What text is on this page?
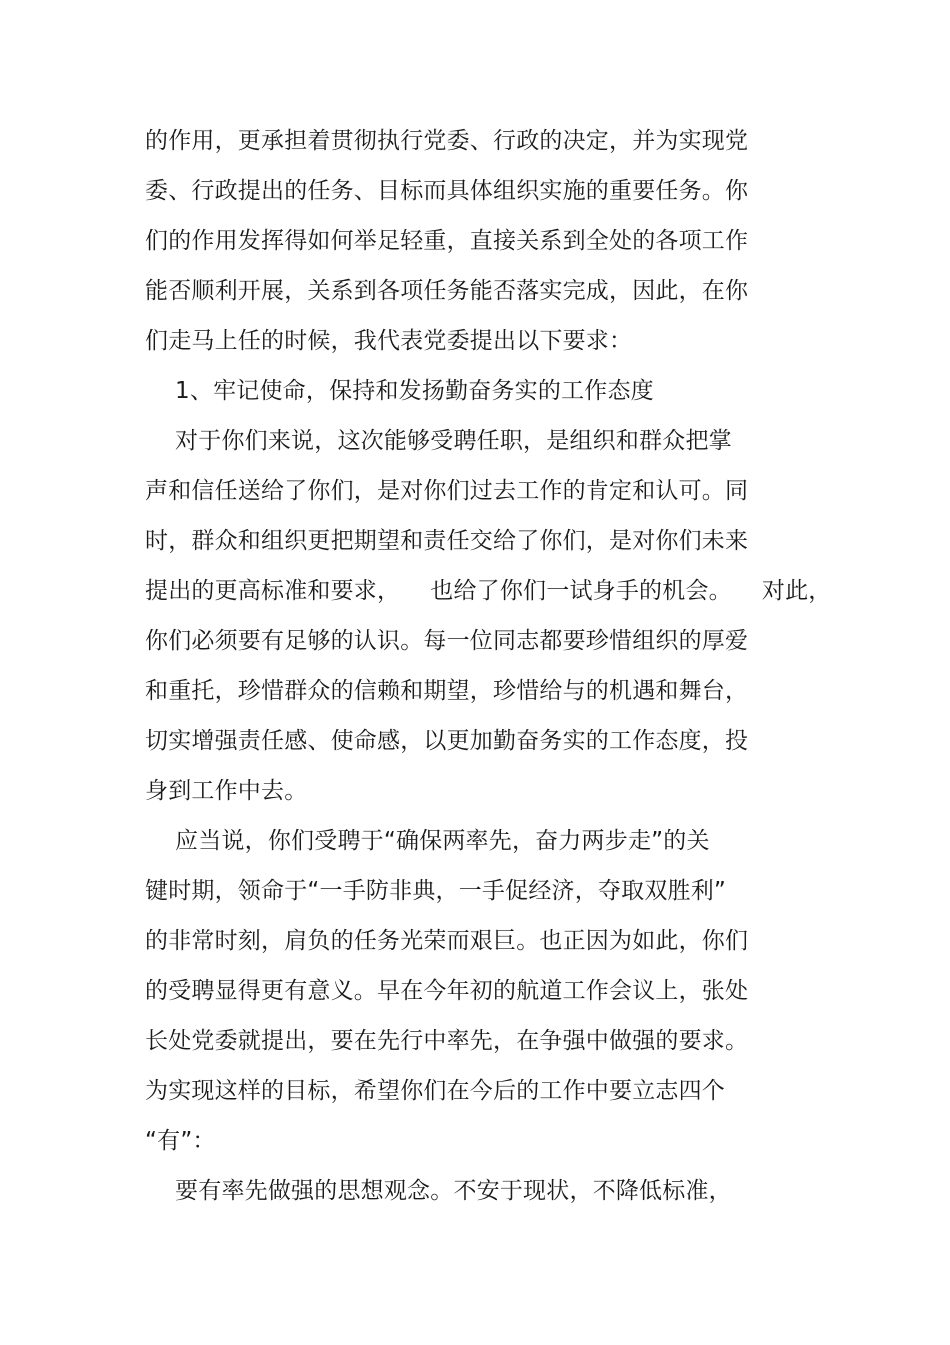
的作用，更承担着贯彻执行党委、行政的决定，并为实现党
委、行政提出的任务、目标而具体组织实施的重要任务。你
们的作用发挥得如何举足轻重，直接关系到全处的各项工作
能否顺利开展，关系到各项任务能否落实完成，因此，在你
们走马上任的时候，我代表党委提出以下要求：
1、牢记使命，保持和发扬勤奋务实的工作态度
对于你们来说，这次能够受聘任职，是组织和群众把掌
声和信任送给了你们，是对你们过去工作的肯定和认可。同
时，群众和组织更把期望和责任交给了你们，是对你们未来
提出的更高标准和要求，    也给了你们一试身手的机会。    对此，
你们必须要有足够的认识。每一位同志都要珍惜组织的厚爱
和重托，珍惜群众的信赖和期望，珍惜给与的机遇和舞台，
切实增强责任感、使命感，以更加勤奋务实的工作态度，投
身到工作中去。
应当说，你们受聘于“确保两率先，奋力两步走”的关
键时期，领命于“一手防非典，一手促经济，夺取双胜利”
的非常时刻，肩负的任务光荣而艰巨。也正因为如此，你们
的受聘显得更有意义。早在今年初的航道工作会议上，张处
长处党委就提出，要在先行中率先，在争强中做强的要求。
为实现这样的目标，希望你们在今后的工作中要立志四个
“有”：
要有率先做强的思想观念。不安于现状，不降低标准，
